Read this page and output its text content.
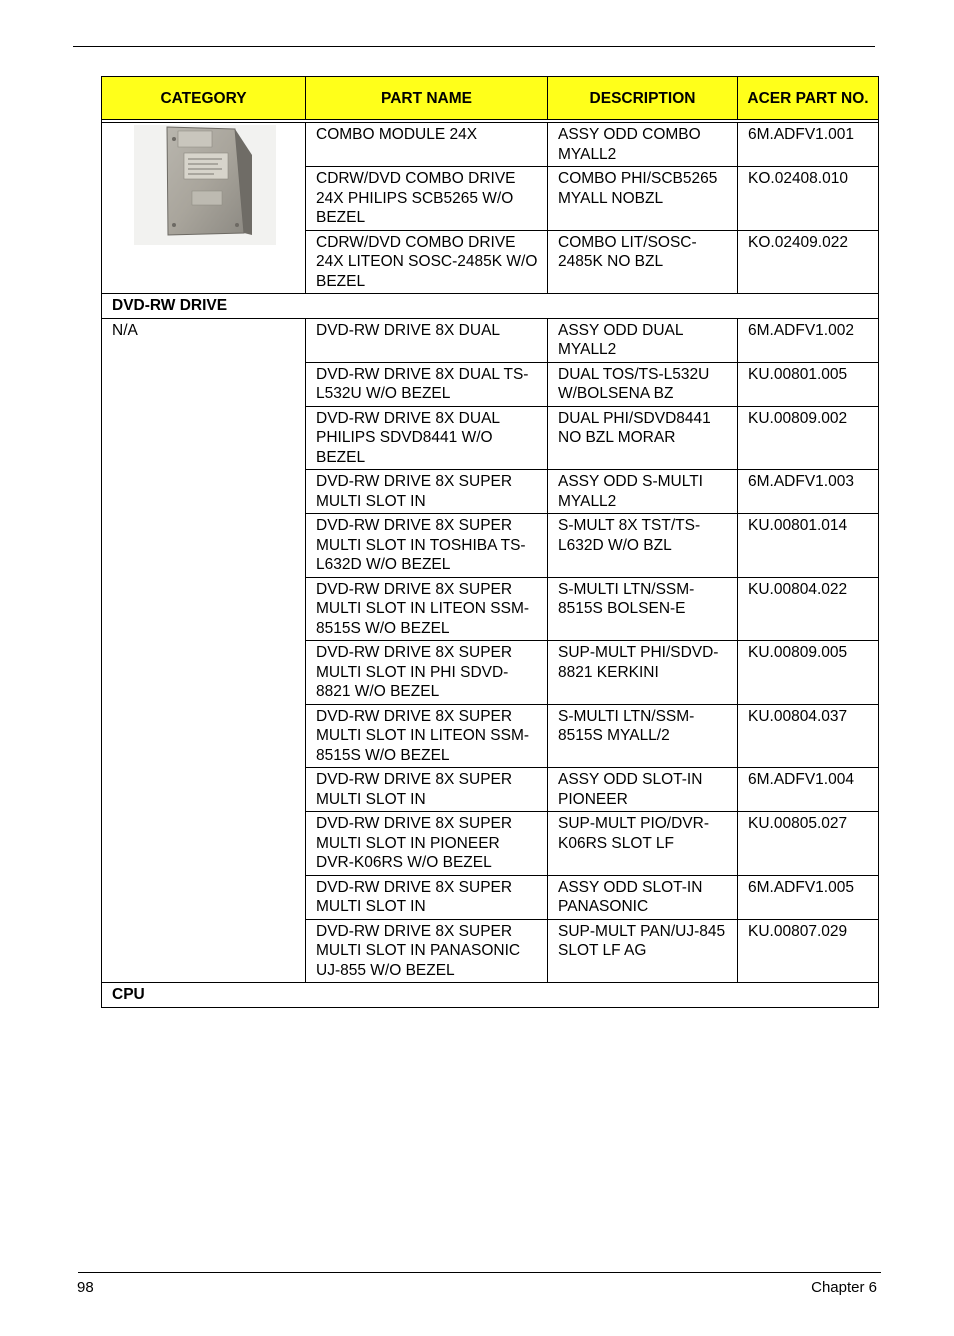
CATEGORY	PART NAME	DESCRIPTION	ACER PART NO.

	COMBO MODULE 24X	ASSY ODD COMBO MYALL2	6M.ADFV1.001
	CDRW/DVD COMBO DRIVE 24X PHILIPS SCB5265 W/O BEZEL	COMBO PHI/SCB5265 MYALL NOBZL	KO.02408.010
	CDRW/DVD COMBO DRIVE 24X LITEON SOSC-2485K W/O BEZEL	COMBO LIT/SOSC-2485K NO BZL	KO.02409.022
DVD-RW DRIVE			
N/A	DVD-RW DRIVE 8X DUAL	ASSY ODD DUAL MYALL2	6M.ADFV1.002
	DVD-RW DRIVE 8X DUAL TS-L532U W/O BEZEL	DUAL TOS/TS-L532U W/BOLSENA BZ	KU.00801.005
	DVD-RW DRIVE 8X DUAL PHILIPS SDVD8441 W/O BEZEL	DUAL PHI/SDVD8441 NO BZL MORAR	KU.00809.002
	DVD-RW DRIVE 8X SUPER MULTI SLOT IN	ASSY ODD S-MULTI MYALL2	6M.ADFV1.003
	DVD-RW DRIVE 8X SUPER MULTI SLOT IN TOSHIBA TS-L632D W/O BEZEL	S-MULT 8X TST/TS-L632D W/O BZL	KU.00801.014
	DVD-RW DRIVE 8X SUPER MULTI SLOT IN LITEON SSM-8515S W/O BEZEL	S-MULTI LTN/SSM-8515S BOLSEN-E	KU.00804.022
	DVD-RW DRIVE 8X SUPER MULTI SLOT IN PHI SDVD-8821 W/O BEZEL	SUP-MULT PHI/SDVD-8821 KERKINI	KU.00809.005
	DVD-RW DRIVE 8X SUPER MULTI SLOT IN LITEON SSM-8515S W/O BEZEL	S-MULTI LTN/SSM-8515S MYALL/2	KU.00804.037
	DVD-RW DRIVE 8X SUPER MULTI SLOT IN	ASSY ODD SLOT-IN PIONEER	6M.ADFV1.004
	DVD-RW DRIVE 8X SUPER MULTI SLOT IN PIONEER DVR-K06RS W/O BEZEL	SUP-MULT PIO/DVR-K06RS SLOT LF	KU.00805.027
	DVD-RW DRIVE 8X SUPER MULTI SLOT IN	ASSY ODD SLOT-IN PANASONIC	6M.ADFV1.005
	DVD-RW DRIVE 8X SUPER MULTI SLOT IN PANASONIC UJ-855 W/O BEZEL	SUP-MULT PAN/UJ-845 SLOT LF AG	KU.00807.029
CPU			
98	Chapter 6
